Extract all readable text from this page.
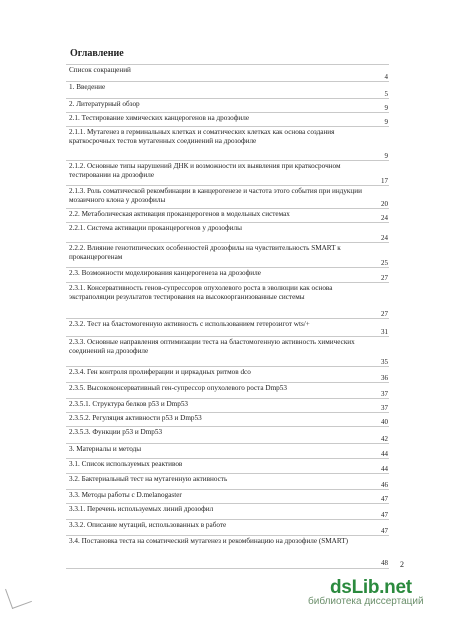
Оглавление
Список сокращений
4
1. Введение
5
2. Литературный обзор	9
2.1. Тестирование химических канцерогенов на дрозофиле	9
2.1.1. Мутагенез в герминальных клетках и соматических клетках как основа создания краткосрочных тестов мутагенных соединений на дрозофиле
9
2.1.2. Основные типы нарушений ДНК и возможности их выявления при краткосрочном тестировании на дрозофиле
17
2.1.3. Роль соматической рекомбинации в канцерогенезе и частота этого события при индукции мозаичного клона у дрозофилы	20
2.2. Метаболическая активация проканцерогенов в модельных системах	24
2.2.1. Система активации проканцерогенов у дрозофилы
24
2.2.2. Влияние генотипических особенностей дрозофилы на чувствительность SMART к проканцерогенам
25
2.3. Возможности моделирования канцерогенеза на дрозофиле
27
2.3.1. Консервативность генов-супрессоров опухолевого роста в эволюции как основа экстраполяции результатов тестирования на высокоорганизованные системы
27
2.3.2. Тест на бластомогенную активность с использованием гетерозигот wts/+
31
2.3.3. Основные направления оптимизации теста на бластомогенную активность химических соединений на дрозофиле
35
2.3.4. Ген контроля пролиферации и циркадных ритмов dco
36
2.3.5. Высококонсервативный ген-супрессор опухолевого роста Dmp53
37
2.3.5.1. Структура белков p53 и Dmp53	37
2.3.5.2. Регуляция активности p53 и Dmp53	40
2.3.5.3. Функции p53 и Dmp53
42
3. Материалы и методы
44
3.1. Список используемых реактивов
44
3.2. Бактериальный тест на мутагенную активность
46
3.3. Методы работы с D.melanogaster	47
3.3.1. Перечень используемых линий дрозофил
47
3.3.2. Описание мутаций, использованных в работе
47
3.4. Постановка теста на соматический мутагенез и рекомбинацию на дрозофиле (SMART)
48 2
dsLib.net
библиотека диссертаций
